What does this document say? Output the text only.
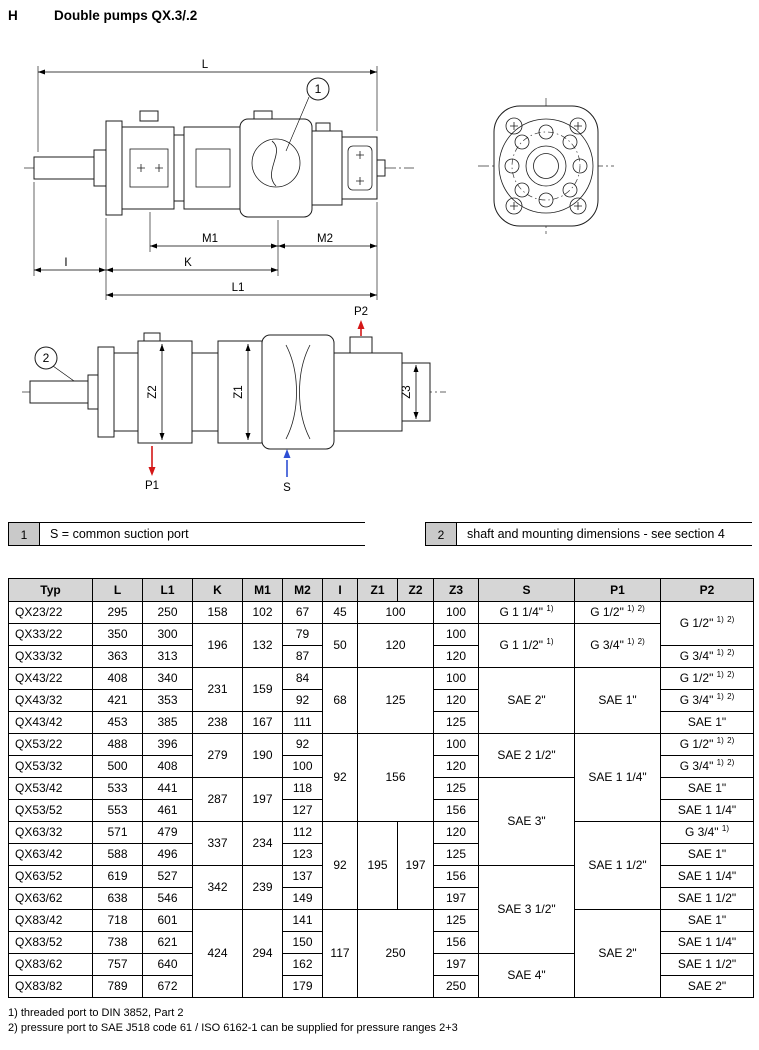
H	Double pumps QX.3/.2
L
M1	M2
I	K
L1
1
Z2	Z1	Z3
P1
P2
S
2
1	S = common suction port	2	shaft and mounting dimensions - see section 4
Typ	L	L1	K	M1	M2	I	Z1	Z2	Z3	S	P1	P2
QX23/22	295	250	158	102	67	45	100		100	G 1 1/4" $^{1)}$	G 1/2" $^{1)}$ $^{2)}$	G 1/2" $^{1)}$ $^{2)}$
QX33/22	350	300	196	132	79	50	120		100	G 1 1/2" $^{1)}$	G 3/4" $^{1)}$ $^{2)}$
QX33/32	363	313			87				120			G 3/4" $^{1)}$ $^{2)}$
QX43/22	408	340	231	159	84	68	125		100	SAE 2"	SAE 1"	G 1/2" $^{1)}$ $^{2)}$
QX43/32	421	353			92				120			G 3/4" $^{1)}$ $^{2)}$
QX43/42	453	385	238	167	111				125			SAE 1"
QX53/22	488	396	279	190	92	92	156		100	SAE 2 1/2"	SAE 1 1/4"	G 1/2" $^{1)}$ $^{2)}$
QX53/32	500	408			100				120			G 3/4" $^{1)}$ $^{2)}$
QX53/42	533	441	287	197	118				125	SAE 3"		SAE 1"
QX53/52	553	461			127				156			SAE 1 1/4"
QX63/32	571	479	337	234	112	92	195	197	120		SAE 1 1/2"	G 3/4" $^{1)}$
QX63/42	588	496			123				125			SAE 1"
QX63/52	619	527	342	239	137				156	SAE 3 1/2"		SAE 1 1/4"
QX63/62	638	546			149				197			SAE 1 1/2"
QX83/42	718	601	424	294	141	117	250		125		SAE 2"	SAE 1"
QX83/52	738	621			150				156			SAE 1 1/4"
QX83/62	757	640			162				197	SAE 4"		SAE 1 1/2"
QX83/82	789	672			179				250			SAE 2"
1) threaded port to DIN 3852, Part 2
2) pressure port to SAE J518 code 61 / ISO 6162-1 can be supplied for pressure ranges 2+3
